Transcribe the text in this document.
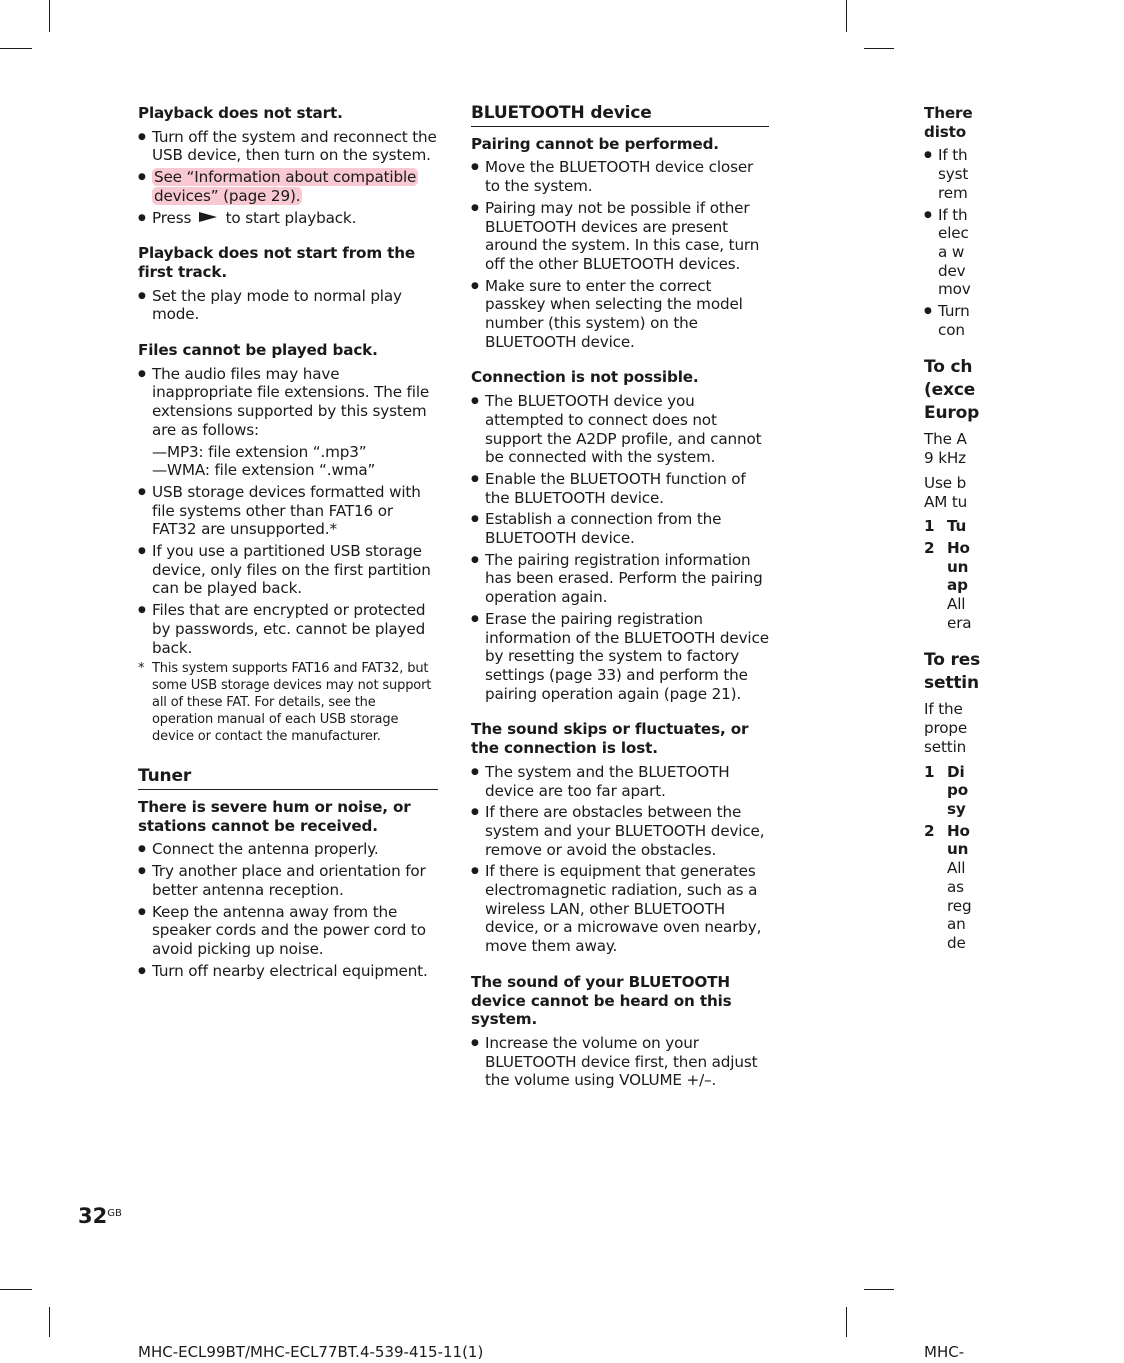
Playback does not start.

● Turn off the system and reconnect the USB device, then turn on the system.

● See “Information about compatible
devices” (page 29).

● Press to start playback.

Playback does not start from the first track.

● Set the play mode to normal play mode.

Files cannot be played back.

● The audio files may have inappropriate file extensions. The file extensions supported by this system are as follows:

—MP3: file extension “.mp3”

—WMA: file extension “.wma”

● USB storage devices formatted with file systems other than FAT16 or FAT32 are unsupported.*

● If you use a partitioned USB storage device, only files on the first partition can be played back.

● Files that are encrypted or protected by passwords, etc. cannot be played back.

* This system supports FAT16 and FAT32, but some USB storage devices may not support all of these FAT. For details, see the operation manual of each USB storage device or contact the manufacturer.

Tuner

There is severe hum or noise, or stations cannot be received.

● Connect the antenna properly.

● Try another place and orientation for better antenna reception.

● Keep the antenna away from the speaker cords and the power cord to avoid picking up noise.

● Turn off nearby electrical equipment.

BLUETOOTH device

Pairing cannot be performed.

● Move the BLUETOOTH device closer to the system.

● Pairing may not be possible if other BLUETOOTH devices are present around the system. In this case, turn off the other BLUETOOTH devices.

● Make sure to enter the correct passkey when selecting the model number (this system) on the BLUETOOTH device.

Connection is not possible.

● The BLUETOOTH device you attempted to connect does not support the A2DP profile, and cannot be connected with the system.

● Enable the BLUETOOTH function of the BLUETOOTH device.

● Establish a connection from the BLUETOOTH device.

● The pairing registration information has been erased. Perform the pairing operation again.

● Erase the pairing registration information of the BLUETOOTH device by resetting the system to factory settings (page 33) and perform the pairing operation again (page 21).

The sound skips or fluctuates, or the connection is lost.

● The system and the BLUETOOTH device are too far apart.

● If there are obstacles between the system and your BLUETOOTH device, remove or avoid the obstacles.

● If there is equipment that generates electromagnetic radiation, such as a wireless LAN, other BLUETOOTH device, or a microwave oven nearby, move them away.

The sound of your BLUETOOTH device cannot be heard on this system.

● Increase the volume on your BLUETOOTH device first, then adjust the volume using VOLUME +/–.

There
disto

● If th
syst
rem

● If th
elec
a w
dev
mov

● Turn
con

To ch
(exce
Europ

The A
9 kHz

Use b
AM tu

1 Tu

2 Ho
un
ap
All
era

To res
settin

If the
prope
settin

1 Di
po
sy

2 Ho
un
All
as
reg
an
de

$32^{GB}$
MHC-ECL99BT/MHC-ECL77BT.4-539-415-11(1)	MHC-
